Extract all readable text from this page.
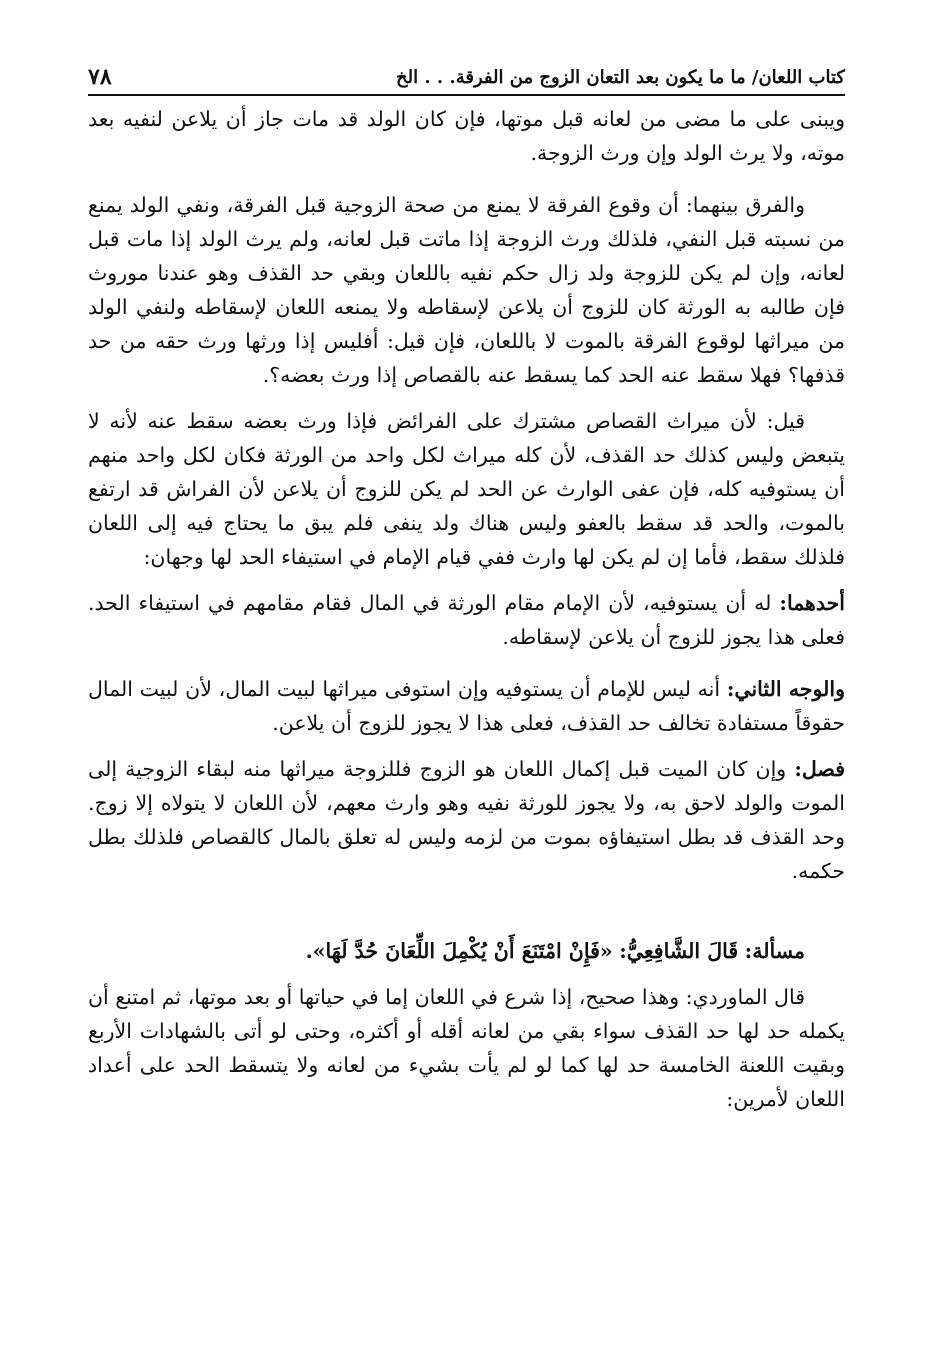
كتاب اللعان/ ما ما يكون بعد التعان الزوج من الفرقة. . . الخ
٧٨

ويبنى على ما مضى من لعانه قبل موتها، فإن كان الولد قد مات جاز أن يلاعن لنفيه بعد موته، ولا يرث الولد وإن ورث الزوجة.

والفرق بينهما: أن وقوع الفرقة لا يمنع من صحة الزوجية قبل الفرقة، ونفي الولد يمنع من نسبته قبل النفي، فلذلك ورث الزوجة إذا ماتت قبل لعانه، ولم يرث الولد إذا مات قبل لعانه، وإن لم يكن للزوجة ولد زال حكم نفيه باللعان وبقي حد القذف وهو عندنا موروث فإن طالبه به الورثة كان للزوج أن يلاعن لإسقاطه ولا يمنعه اللعان لإسقاطه ولنفي الولد من ميراثها لوقوع الفرقة بالموت لا باللعان، فإن قيل: أفليس إذا ورثها ورث حقه من حد قذفها؟ فهلا سقط عنه الحد كما يسقط عنه بالقصاص إذا ورث بعضه؟.

قيل: لأن ميراث القصاص مشترك على الفرائض فإذا ورث بعضه سقط عنه لأنه لا يتبعض وليس كذلك حد القذف، لأن كله ميراث لكل واحد من الورثة فكان لكل واحد منهم أن يستوفيه كله، فإن عفى الوارث عن الحد لم يكن للزوج أن يلاعن لأن الفراش قد ارتفع بالموت، والحد قد سقط بالعفو وليس هناك ولد ينفى فلم يبق ما يحتاج فيه إلى اللعان فلذلك سقط، فأما إن لم يكن لها وارث ففي قيام الإمام في استيفاء الحد لها وجهان:

أحدهما: له أن يستوفيه، لأن الإمام مقام الورثة في المال فقام مقامهم في استيفاء الحد. فعلى هذا يجوز للزوج أن يلاعن لإسقاطه.

والوجه الثاني: أنه ليس للإمام أن يستوفيه وإن استوفى ميراثها لبيت المال، لأن لبيت المال حقوقاً مستفادة تخالف حد القذف، فعلى هذا لا يجوز للزوج أن يلاعن.

فصل: وإن كان الميت قبل إكمال اللعان هو الزوج فللزوجة ميراثها منه لبقاء الزوجية إلى الموت والولد لاحق به، ولا يجوز للورثة نفيه وهو وارث معهم، لأن اللعان لا يتولاه إلا زوج. وحد القذف قد بطل استيفاؤه بموت من لزمه وليس له تعلق بالمال كالقصاص فلذلك بطل حكمه.

مسألة: قَالَ الشَّافِعِيُّ: «فَإِنْ امْتَنَعَ أَنْ يُكْمِلَ اللِّعَانَ حُدَّ لَهَا».

قال الماوردي: وهذا صحيح، إذا شرع في اللعان إما في حياتها أو بعد موتها، ثم امتنع أن يكمله حد لها حد القذف سواء بقي من لعانه أقله أو أكثره، وحتى لو أتى بالشهادات الأربع وبقيت اللعنة الخامسة حد لها كما لو لم يأت بشيء من لعانه ولا يتسقط الحد على أعداد اللعان لأمرين:
